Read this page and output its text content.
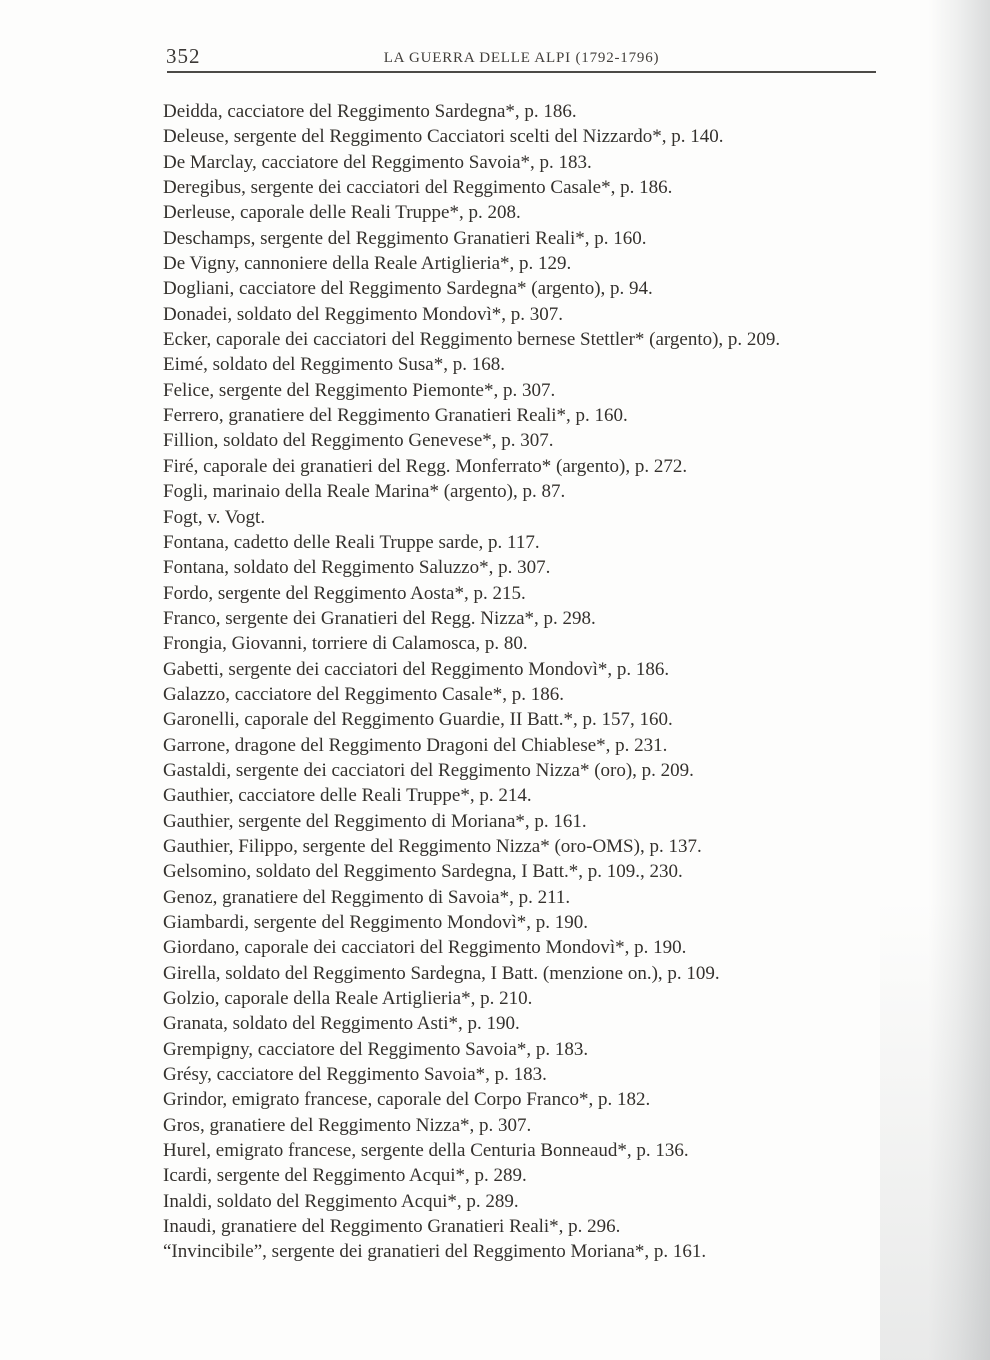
352	LA GUERRA DELLE ALPI (1792-1796)

Deidda, cacciatore del Reggimento Sardegna*, p. 186.

Deleuse, sergente del Reggimento Cacciatori scelti del Nizzardo*, p. 140.

De Marclay, cacciatore del Reggimento Savoia*, p. 183.

Deregibus, sergente dei cacciatori del Reggimento Casale*, p. 186.

Derleuse, caporale delle Reali Truppe*, p. 208.

Deschamps, sergente del Reggimento Granatieri Reali*, p. 160.

De Vigny, cannoniere della Reale Artiglieria*, p. 129.

Dogliani, cacciatore del Reggimento Sardegna* (argento), p. 94.

Donadei, soldato del Reggimento Mondovì*, p. 307.

Ecker, caporale dei cacciatori del Reggimento bernese Stettler* (argento), p. 209.

Eimé, soldato del Reggimento Susa*, p. 168.

Felice, sergente del Reggimento Piemonte*, p. 307.

Ferrero, granatiere del Reggimento Granatieri Reali*, p. 160.

Fillion, soldato del Reggimento Genevese*, p. 307.

Firé, caporale dei granatieri del Regg. Monferrato* (argento), p. 272.

Fogli, marinaio della Reale Marina* (argento), p. 87.

Fogt, v. Vogt.

Fontana, cadetto delle Reali Truppe sarde, p. 117.

Fontana, soldato del Reggimento Saluzzo*, p. 307.

Fordo, sergente del Reggimento Aosta*, p. 215.

Franco, sergente dei Granatieri del Regg. Nizza*, p. 298.

Frongia, Giovanni, torriere di Calamosca, p. 80.

Gabetti, sergente dei cacciatori del Reggimento Mondovì*, p. 186.

Galazzo, cacciatore del Reggimento Casale*, p. 186.

Garonelli, caporale del Reggimento Guardie, II Batt.*, p. 157, 160.

Garrone, dragone del Reggimento Dragoni del Chiablese*, p. 231.

Gastaldi, sergente dei cacciatori del Reggimento Nizza* (oro), p. 209.

Gauthier, cacciatore delle Reali Truppe*, p. 214.

Gauthier, sergente del Reggimento di Moriana*, p. 161.

Gauthier, Filippo, sergente del Reggimento Nizza* (oro-OMS), p. 137.

Gelsomino, soldato del Reggimento Sardegna, I Batt.*, p. 109., 230.

Genoz, granatiere del Reggimento di Savoia*, p. 211.

Giambardi, sergente del Reggimento Mondovì*, p. 190.

Giordano, caporale dei cacciatori del Reggimento Mondovì*, p. 190.

Girella, soldato del Reggimento Sardegna, I Batt. (menzione on.), p. 109.

Golzio, caporale della Reale Artiglieria*, p. 210.

Granata, soldato del Reggimento Asti*, p. 190.

Grempigny, cacciatore del Reggimento Savoia*, p. 183.

Grésy, cacciatore del Reggimento Savoia*, p. 183.

Grindor, emigrato francese, caporale del Corpo Franco*, p. 182.

Gros, granatiere del Reggimento Nizza*, p. 307.

Hurel, emigrato francese, sergente della Centuria Bonneaud*, p. 136.

Icardi, sergente del Reggimento Acqui*, p. 289.

Inaldi, soldato del Reggimento Acqui*, p. 289.

Inaudi, granatiere del Reggimento Granatieri Reali*, p. 296.

“Invincibile”, sergente dei granatieri del Reggimento Moriana*, p. 161.
